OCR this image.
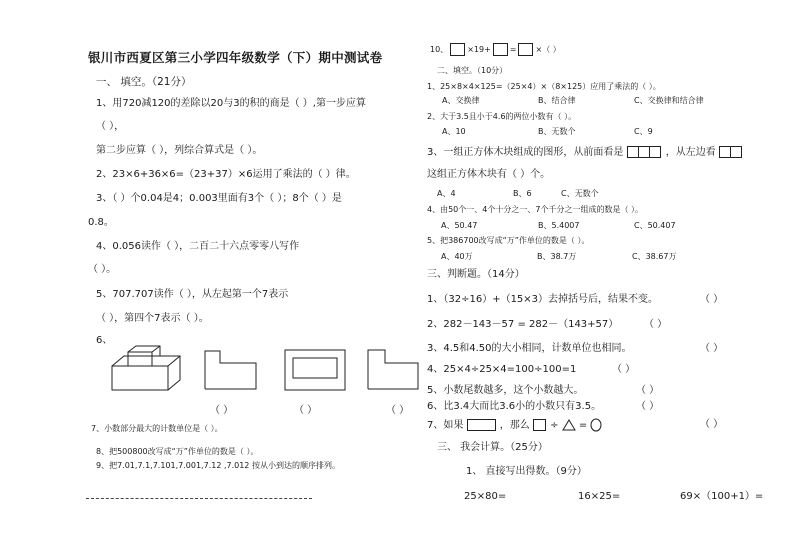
银川市西夏区第三小学四年级数学（下）期中测试卷
一、 填空。（21分）
1、用720减120的差除以20与3的积的商是（ ）,第一步应算
（ ），
第二步应算（ ），列综合算式是（ ）。
2、23×6+36×6=（23+37）×6运用了乘法的（ ）律。
3、（ ）个0.04是4；0.003里面有3个（ ）；8个（ ）是
0.8。
4、0.056读作（ ），二百二十六点零零八写作
（ ）。
5、707.707读作（ ），从左起第一个7表示
（ ），第四个7表示（ ）。
6、
（ ）	（ ）	（ ）
7、小数部分最大的计数单位是（ ）。
8、把500800改写成“万”作单位的数是（ ）。
9、把7.01,7.1,7.101,7.001,7.12 ,7.012 按从小到达的顺序排列。
10、 ×19+ = ×（ ）
二、填空。（10分）
1、25×8×4×125=（25×4）×（8×125）应用了乘法的（ ）。
A、交换律	B、结合律	C、交换律和结合律
2、大于3.5且小于4.6的两位小数有（ ）。
A、10	B、无数个	C、9
3、一组正方体木块组成的图形，从前面看是	，从左边看
这组正方体木块有（ ）个。
A、4	B、6	C、无数个
4、由50个一、4个十分之一、7个千分之一组成的数是（ ）。
A、50.47	B、5.4007	C、50.407
5、把386700改写成“万”作单位的数是（ ）。
A、40万	B、38.7万	C、38.67万
三、判断题。（14分）
1、（32÷16）+（15×3）去掉括号后，结果不变。	（ ）
2、282－143－57 = 282－（143+57）	（ ）
3、4.5和4.50的大小相同，计数单位也相同。	（ ）
4、25×4÷25×4=100÷100=1	（ ）
5、小数尾数越多，这个小数越大。	（ ）
6、比3.4大而比3.6小的小数只有3.5。	（ ）
7、如果	，那么 ÷ =	（ ）
三、 我会计算。（25分）
1、 直接写出得数。（9分）
25×80=	16×25=	69×（100+1）=
